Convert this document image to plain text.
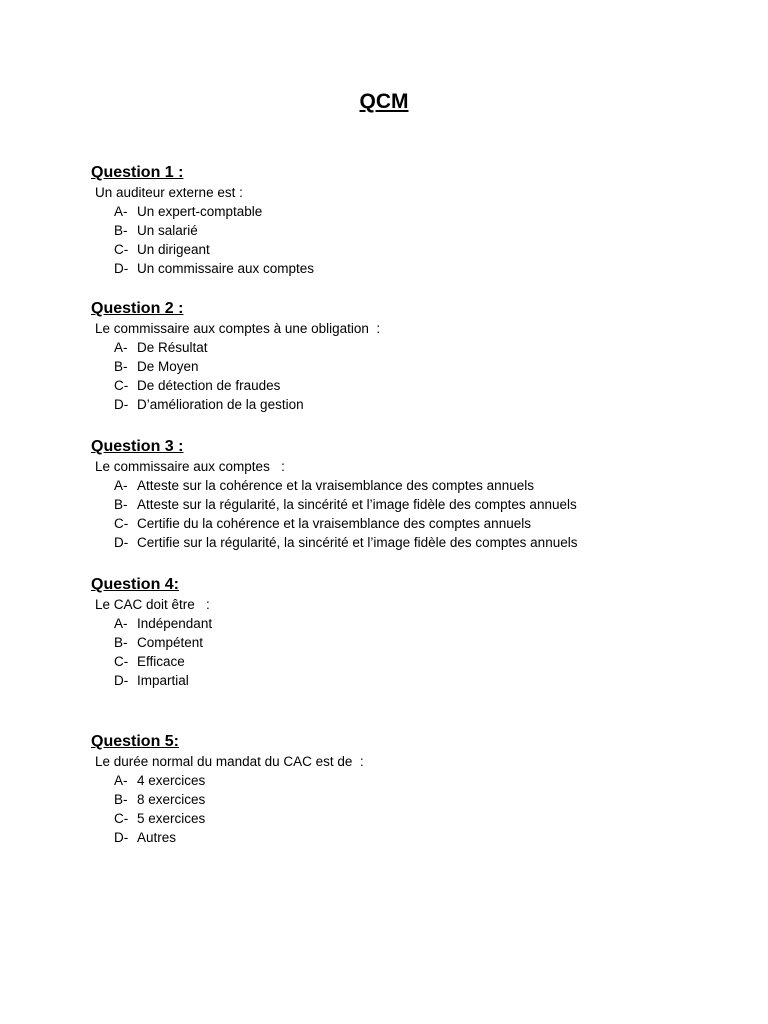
QCM
Question 1 :
Un auditeur externe est :
A- Un expert-comptable
B- Un salarié
C- Un dirigeant
D- Un commissaire aux comptes
Question 2 :
Le commissaire aux comptes à une obligation  :
A- De Résultat
B- De Moyen
C- De détection de fraudes
D- D’amélioration de la gestion
Question 3 :
Le commissaire aux comptes   :
A- Atteste sur la cohérence et la vraisemblance des comptes annuels
B- Atteste sur la régularité, la sincérité et l’image fidèle des comptes annuels
C- Certifie du la cohérence et la vraisemblance des comptes annuels
D- Certifie sur la régularité, la sincérité et l’image fidèle des comptes annuels
Question 4:
Le CAC doit être   :
A- Indépendant
B- Compétent
C- Efficace
D- Impartial
Question 5:
Le durée normal du mandat du CAC est de  :
A- 4 exercices
B- 8 exercices
C- 5 exercices
D- Autres
